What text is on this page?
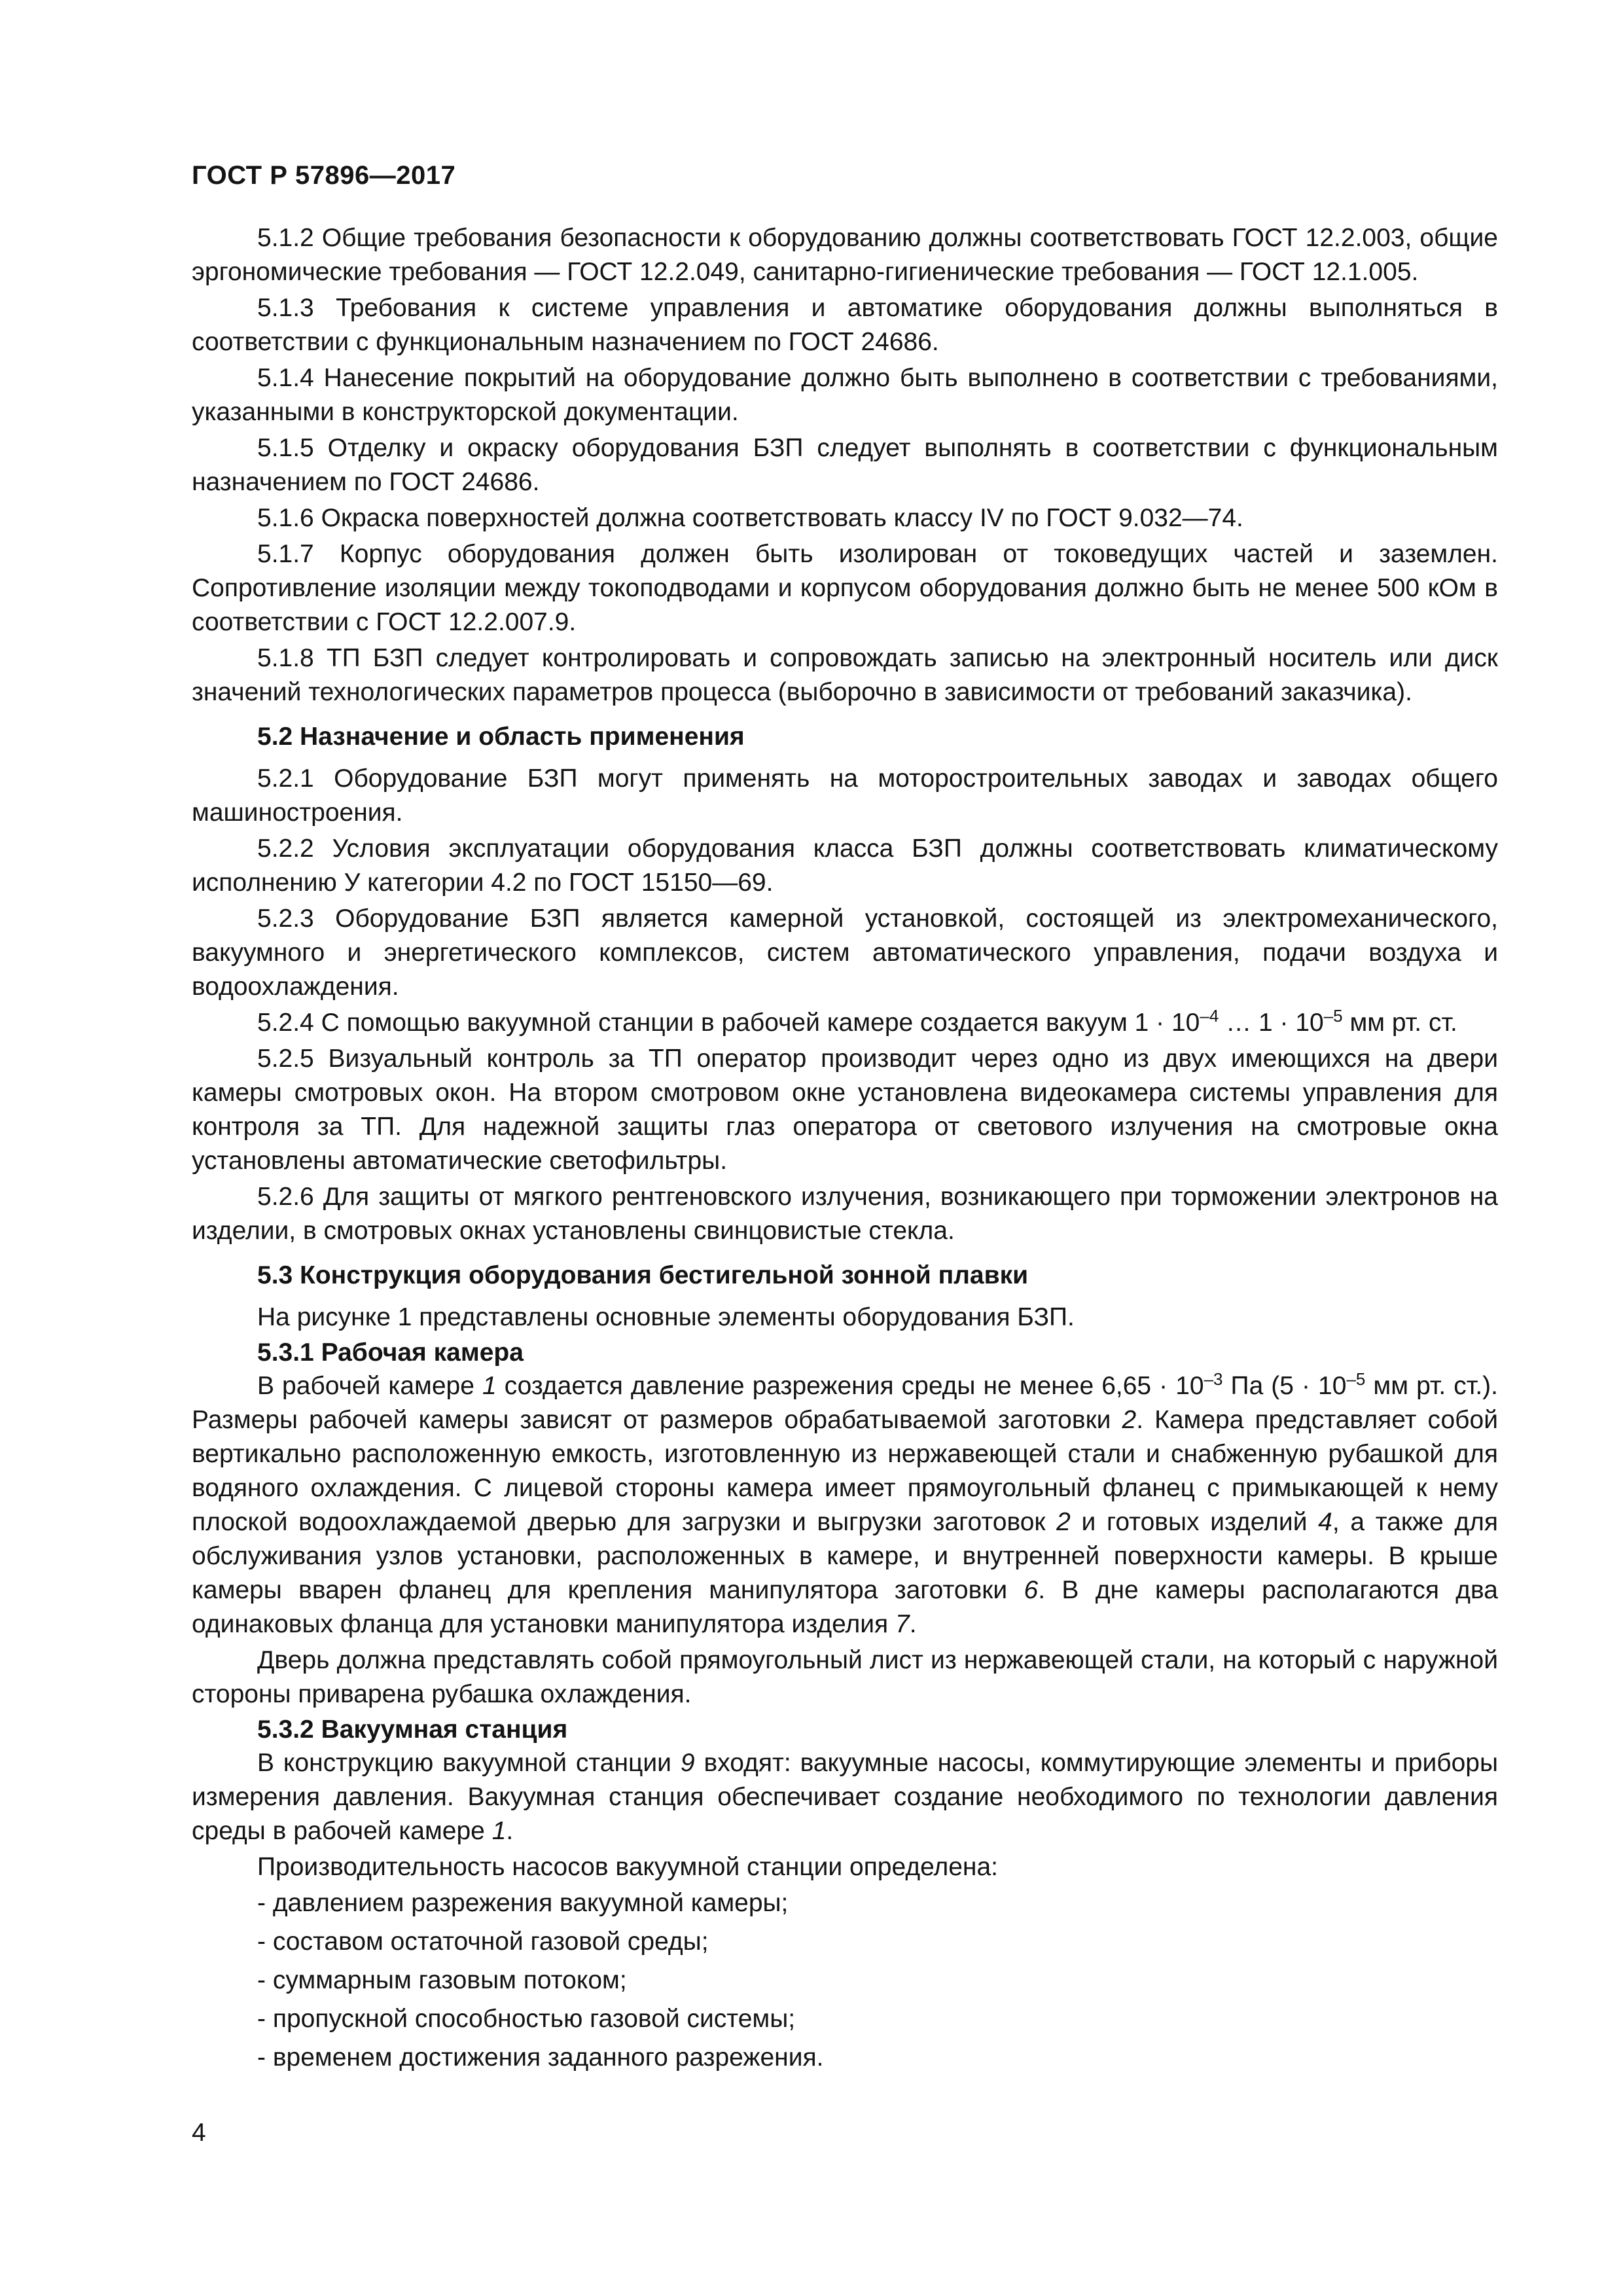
ГОСТ Р 57896—2017

5.1.2 Общие требования безопасности к оборудованию должны соответствовать ГОСТ 12.2.003, общие эргономические требования — ГОСТ 12.2.049, санитарно-гигиенические требования — ГОСТ 12.1.005.

5.1.3 Требования к системе управления и автоматике оборудования должны выполняться в соответствии с функциональным назначением по ГОСТ 24686.

5.1.4 Нанесение покрытий на оборудование должно быть выполнено в соответствии с требованиями, указанными в конструкторской документации.

5.1.5 Отделку и окраску оборудования БЗП следует выполнять в соответствии с функциональным назначением по ГОСТ 24686.

5.1.6 Окраска поверхностей должна соответствовать классу IV по ГОСТ 9.032—74.

5.1.7 Корпус оборудования должен быть изолирован от токоведущих частей и заземлен. Сопротивление изоляции между токоподводами и корпусом оборудования должно быть не менее 500 кОм в соответствии с ГОСТ 12.2.007.9.

5.1.8 ТП БЗП следует контролировать и сопровождать записью на электронный носитель или диск значений технологических параметров процесса (выборочно в зависимости от требований заказчика).

5.2 Назначение и область применения

5.2.1 Оборудование БЗП могут применять на моторостроительных заводах и заводах общего машиностроения.

5.2.2 Условия эксплуатации оборудования класса БЗП должны соответствовать климатическому исполнению У категории 4.2 по ГОСТ 15150—69.

5.2.3 Оборудование БЗП является камерной установкой, состоящей из электромеханического, вакуумного и энергетического комплексов, систем автоматического управления, подачи воздуха и водоохлаждения.

5.2.4 С помощью вакуумной станции в рабочей камере создается вакуум $1 \cdot 10^{-4}$ … $1 \cdot 10^{-5}$ мм рт. ст.

5.2.5 Визуальный контроль за ТП оператор производит через одно из двух имеющихся на двери камеры смотровых окон. На втором смотровом окне установлена видеокамера системы управления для контроля за ТП. Для надежной защиты глаз оператора от светового излучения на смотровые окна установлены автоматические светофильтры.

5.2.6 Для защиты от мягкого рентгеновского излучения, возникающего при торможении электронов на изделии, в смотровых окнах установлены свинцовистые стекла.

5.3 Конструкция оборудования бестигельной зонной плавки

На рисунке 1 представлены основные элементы оборудования БЗП.

5.3.1 Рабочая камера

В рабочей камере 1 создается давление разрежения среды не менее $6,65 \cdot 10^{-3}$ Па ($5 \cdot 10^{-5}$ мм рт. ст.). Размеры рабочей камеры зависят от размеров обрабатываемой заготовки 2. Камера представляет собой вертикально расположенную емкость, изготовленную из нержавеющей стали и снабженную рубашкой для водяного охлаждения. С лицевой стороны камера имеет прямоугольный фланец с примыкающей к нему плоской водоохлаждаемой дверью для загрузки и выгрузки заготовок 2 и готовых изделий 4, а также для обслуживания узлов установки, расположенных в камере, и внутренней поверхности камеры. В крыше камеры вварен фланец для крепления манипулятора заготовки 6. В дне камеры располагаются два одинаковых фланца для установки манипулятора изделия 7.

Дверь должна представлять собой прямоугольный лист из нержавеющей стали, на который с наружной стороны приварена рубашка охлаждения.

5.3.2 Вакуумная станция

В конструкцию вакуумной станции 9 входят: вакуумные насосы, коммутирующие элементы и приборы измерения давления. Вакуумная станция обеспечивает создание необходимого по технологии давления среды в рабочей камере 1.

Производительность насосов вакуумной станции определена:

- давлением разрежения вакуумной камеры;
- составом остаточной газовой среды;
- суммарным газовым потоком;
- пропускной способностью газовой системы;
- временем достижения заданного разрежения.
4
